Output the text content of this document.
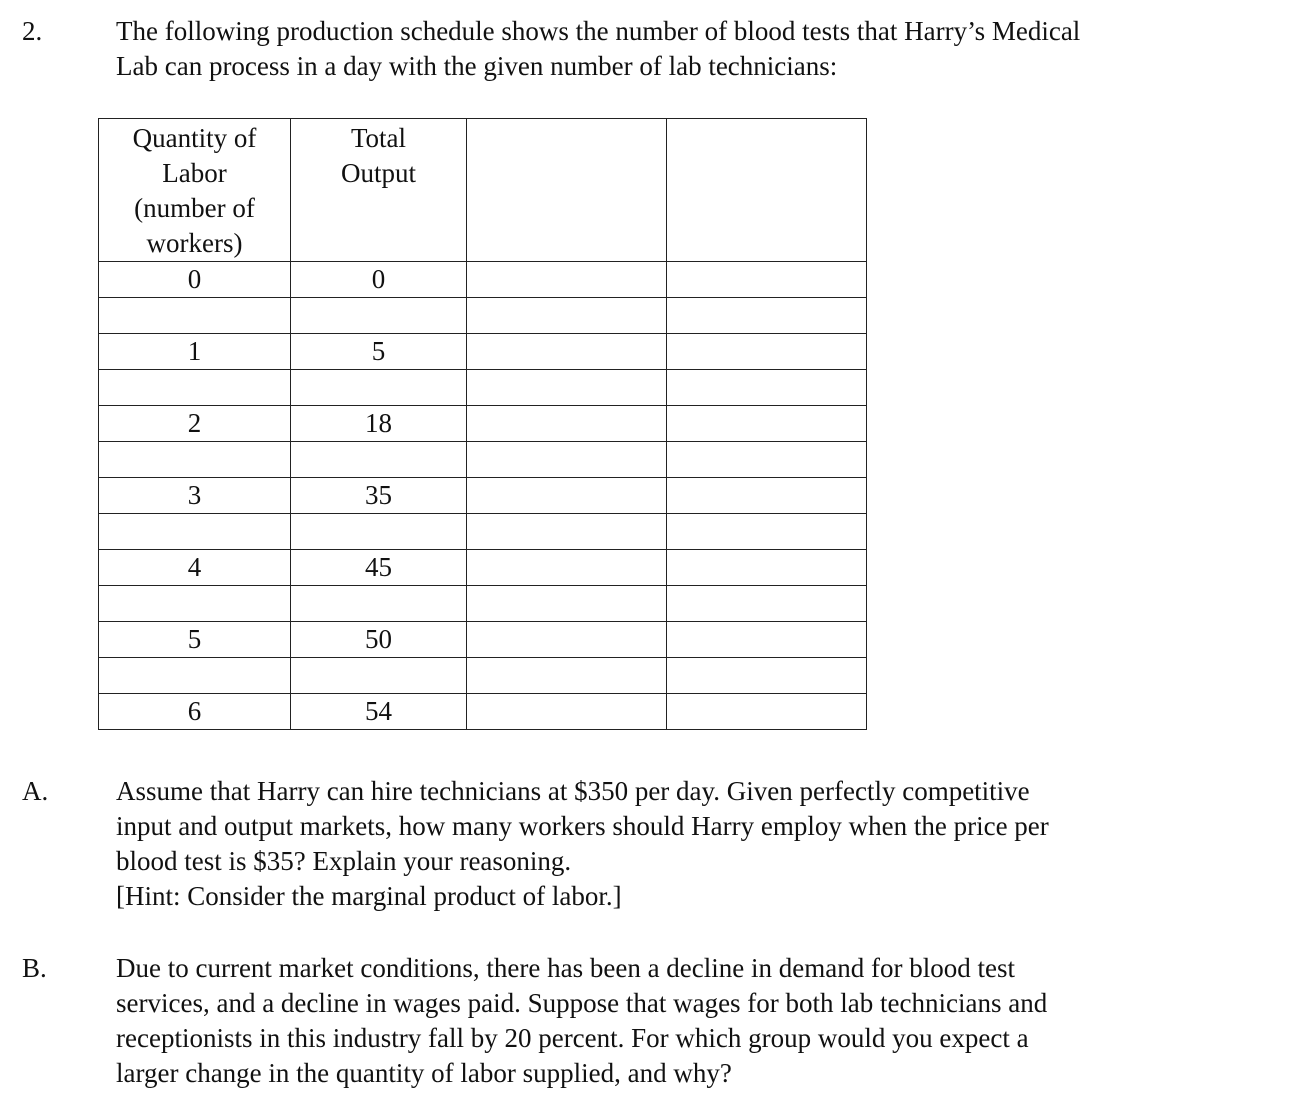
2.	The following production schedule shows the number of blood tests that Harry’s Medical
Lab can process in a day with the given number of lab technicians:
Quantity of
Labor
(number of
workers)	Total
Output		

0	0		

1	5		

2	18		

3	35		

4	45		

5	50		

6	54		
A.	Assume that Harry can hire technicians at $350 per day. Given perfectly competitive
input and output markets, how many workers should Harry employ when the price per
blood test is $35? Explain your reasoning.
[Hint: Consider the marginal product of labor.]
B.	Due to current market conditions, there has been a decline in demand for blood test
services, and a decline in wages paid. Suppose that wages for both lab technicians and
receptionists in this industry fall by 20 percent. For which group would you expect a
larger change in the quantity of labor supplied, and why?
